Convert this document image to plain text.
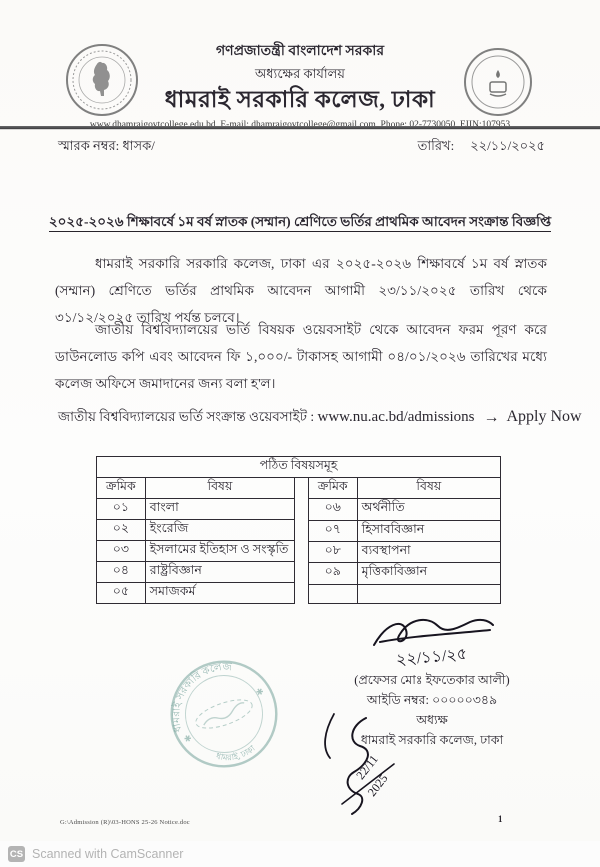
গণপ্রজাতন্ত্রী বাংলাদেশ সরকার
অধ্যক্ষের কার্যালয়
ধামরাই সরকারি কলেজ, ঢাকা
স্মারক নম্বর: ধাসক/	তারিখ: ২২/১১/২০২৫
২০২৫-২০২৬ শিক্ষাবর্ষে ১ম বর্ষ স্নাতক (সম্মান) শ্রেণিতে ভর্তির প্রাথমিক আবেদন সংক্রান্ত বিজ্ঞপ্তি
ধামরাই সরকারি সরকারি কলেজ, ঢাকা এর ২০২৫-২০২৬ শিক্ষাবর্ষে ১ম বর্ষ স্নাতক (সম্মান) শ্রেণিতে ভর্তির প্রাথমিক আবেদন আগামী ২৩/১১/২০২৫ তারিখ থেকে ৩১/১২/২০২৫ তারিখ পর্যন্ত চলবে।
জাতীয় বিশ্ববিদ্যালয়ের ভর্তি বিষয়ক ওয়েবসাইট থেকে আবেদন ফরম পূরণ করে ডাউনলোড কপি এবং আবেদন ফি ১,০০০/- টাকাসহ আগামী ০৪/০১/২০২৬ তারিখের মধ্যে কলেজ অফিসে জমাদানের জন্য বলা হ'ল।
জাতীয় বিশ্ববিদ্যালয়ের ভর্তি সংক্রান্ত ওয়েবসাইট : www.nu.ac.bd/admissions → Apply Now
পঠিত বিষয়সমূহ
ক্রমিক	বিষয়
০১	বাংলা
০২	ইংরেজি
০৩	ইসলামের ইতিহাস ও সংস্কৃতি
০৪	রাষ্ট্রবিজ্ঞান
০৫	সমাজকর্ম
ক্রমিক	বিষয়
০৬	অর্থনীতি
০৭	হিসাববিজ্ঞান
০৮	ব্যবস্থাপনা
০৯	মৃত্তিকাবিজ্ঞান

ধামরাই সরকারি কলেজ
ধামরাই, ঢাকা
✱
✱
২২/১১/২৫
(প্রফেসর মোঃ ইফতেকার আলী)
আইডি নম্বর: ০০০০০৩৪৯
অধ্যক্ষ
ধামরাই সরকারি কলেজ, ঢাকা
22/11
2025
G:\Admission (R)\03-HONS 25-26 Notice.doc	1
CS Scanned with CamScanner
